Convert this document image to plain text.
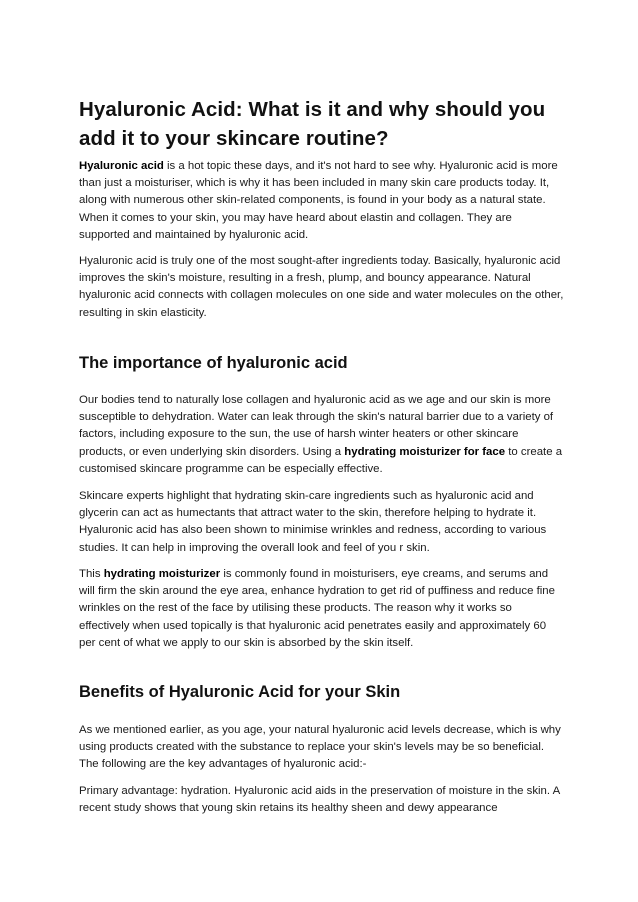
Hyaluronic Acid: What is it and why should you add it to your skincare routine?

Hyaluronic acid is a hot topic these days, and it's not hard to see why. Hyaluronic acid is more than just a moisturiser, which is why it has been included in many skin care products today. It, along with numerous other skin-related components, is found in your body as a natural state. When it comes to your skin, you may have heard about elastin and collagen. They are supported and maintained by hyaluronic acid.

Hyaluronic acid is truly one of the most sought-after ingredients today. Basically, hyaluronic acid improves the skin's moisture, resulting in a fresh, plump, and bouncy appearance. Natural hyaluronic acid connects with collagen molecules on one side and water molecules on the other, resulting in skin elasticity.

The importance of hyaluronic acid

Our bodies tend to naturally lose collagen and hyaluronic acid as we age and our skin is more susceptible to dehydration. Water can leak through the skin's natural barrier due to a variety of factors, including exposure to the sun, the use of harsh winter heaters or other skincare products, or even underlying skin disorders. Using a hydrating moisturizer for face to create a customised skincare programme can be especially effective.

Skincare experts highlight that hydrating skin-care ingredients such as hyaluronic acid and glycerin can act as humectants that attract water to the skin, therefore helping to hydrate it. Hyaluronic acid has also been shown to minimise wrinkles and redness, according to various studies. It can help in improving the overall look and feel of you r skin.

This hydrating moisturizer is commonly found in moisturisers, eye creams, and serums and will firm the skin around the eye area, enhance hydration to get rid of puffiness and reduce fine wrinkles on the rest of the face by utilising these products. The reason why it works so effectively when used topically is that hyaluronic acid penetrates easily and approximately 60 per cent of what we apply to our skin is absorbed by the skin itself.

Benefits of Hyaluronic Acid for your Skin

As we mentioned earlier, as you age, your natural hyaluronic acid levels decrease, which is why using products created with the substance to replace your skin's levels may be so beneficial. The following are the key advantages of hyaluronic acid:-

Primary advantage: hydration. Hyaluronic acid aids in the preservation of moisture in the skin. A recent study shows that young skin retains its healthy sheen and dewy appearance
